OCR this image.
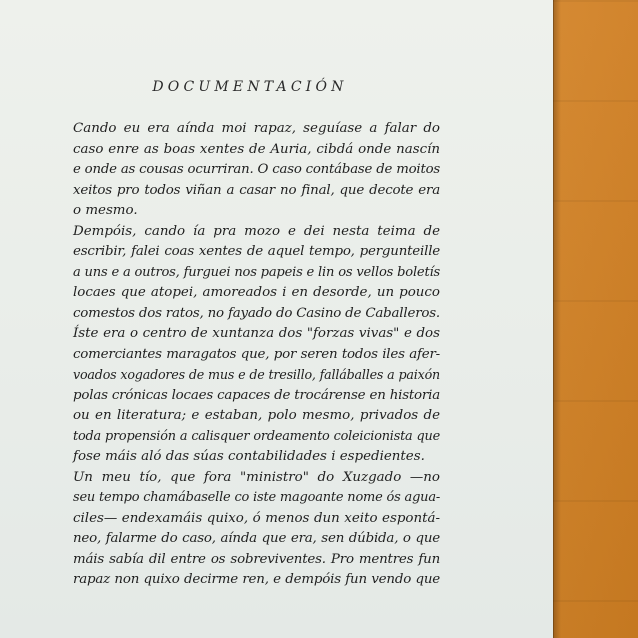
DOCUMENTACIÓN
Cando eu era aínda moi rapaz, seguíase a falar do
caso enre as boas xentes de Auria, cibdá onde nascín
e onde as cousas ocurriran. O caso contábase de moitos
xeitos pro todos viñan a casar no final, que decote era
o mesmo.
Dempóis, cando ía pra mozo e dei nesta teima de
escribir, falei coas xentes de aquel tempo, pergunteille
a uns e a outros, furguei nos papeis e lin os vellos boletís
locaes que atopei, amoreados i en desorde, un pouco
comestos dos ratos, no fayado do Casino de Caballeros.
Íste era o centro de xuntanza dos "forzas vivas" e dos
comerciantes maragatos que, por seren todos iles afer-
voados xogadores de mus e de tresillo, falláballes a paixón
polas crónicas locaes capaces de trocárense en historia
ou en literatura; e estaban, polo mesmo, privados de
toda propensión a calisquer ordeamento coleicionista que
fose máis aló das súas contabilidades i espedientes.
Un meu tío, que fora "ministro" do Xuzgado —no
seu tempo chamábaselle co iste magoante nome ós agua-
ciles— endexamáis quixo, ó menos dun xeito espontá-
neo, falarme do caso, aínda que era, sen dúbida, o que
máis sabía dil entre os sobreviventes. Pro mentres fun
rapaz non quixo decirme ren, e dempóis fun vendo que
